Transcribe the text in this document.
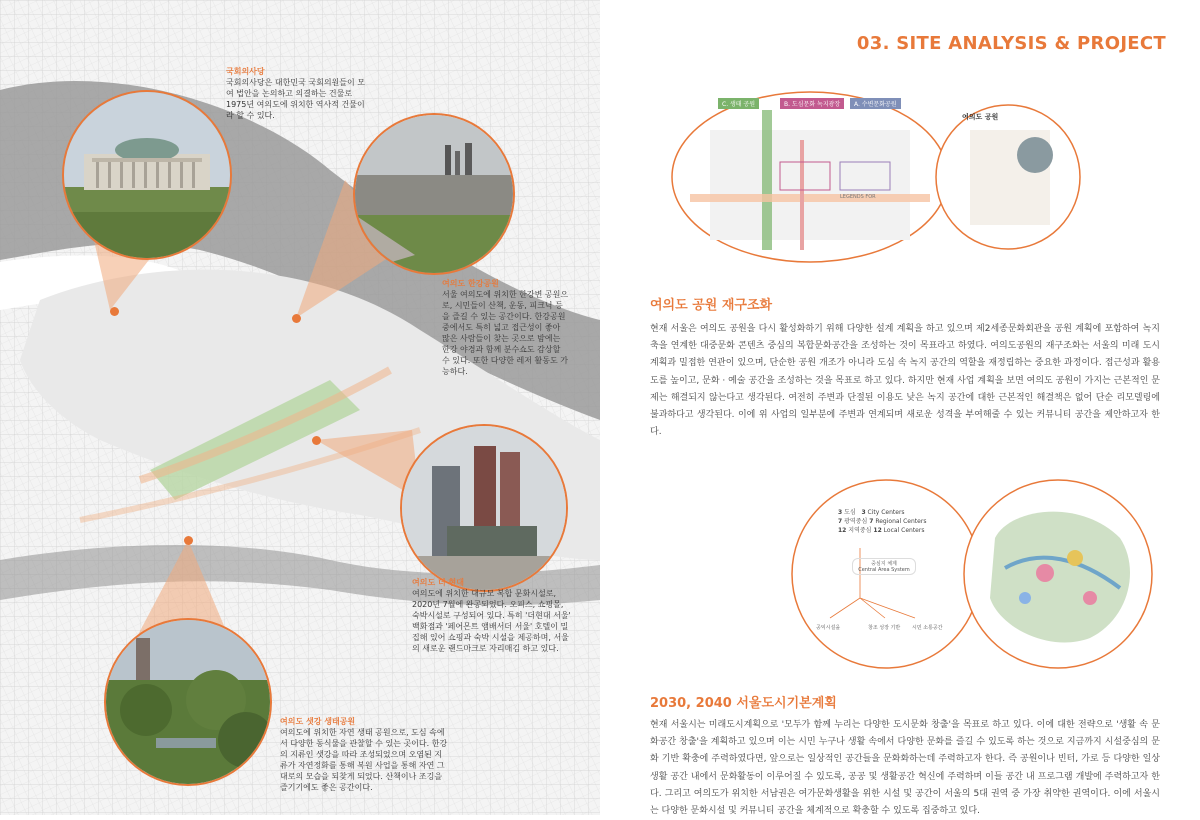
국회의사당
국회의사당은 대한민국 국회의원들이 모여 법안을 논의하고 의결하는 건물로 1975년 여의도에 위치한 역사적 건물이라 할 수 있다.
여의도 한강공원
서울 여의도에 위치한 한강변 공원으로, 시민들이 산책, 운동, 피크닉 등을 즐길 수 있는 공간이다. 한강공원 중에서도 특히 넓고 접근성이 좋아 많은 사람들이 찾는 곳으로 밤에는 한강 야경과 함께 분수쇼도 감상할 수 있다. 또한 다양한 레저 활동도 가능하다.
여의도 더 현대
여의도에 위치한 대규모 복합 문화시설로, 2020년 7월에 완공되었다. 오피스, 쇼핑몰, 숙박시설로 구성되어 있다. 특히 '더현대 서울' 백화점과 '페어몬트 앰배서더 서울' 호텔이 밀집해 있어 쇼핑과 숙박 시설을 제공하며, 서울의 새로운 랜드마크로 자리매김 하고 있다.
여의도 샛강 생태공원
여의도에 위치한 자연 생태 공원으로, 도심 속에서 다양한 동식물을 관찰할 수 있는 곳이다. 한강의 지류인 샛강을 따라 조성되었으며 오염된 지류가 자연정화를 통해 복원 사업을 통해 자연 그대로의 모습을 되찾게 되었다. 산책이나 조깅을 즐기기에도 좋은 공간이다.
03. SITE ANALYSIS & PROJECT
C. 생태 공원	B. 도심문화 녹지광장	A. 수변문화공원
LEGENDS FOR
여의도 공원
여의도 공원 재구조화
현재 서울은 여의도 공원을 다시 활성화하기 위해 다양한 설계 계획을 하고 있으며 제2세종문화회관을 공원 계획에 포함하여 녹지 축을 연계한 대중문화 콘텐츠 중심의 복합문화공간을 조성하는 것이 목표라고 하였다. 여의도공원의 재구조화는 서울의 미래 도시계획과 밀접한 연관이 있으며, 단순한 공원 개조가 아니라 도심 속 녹지 공간의 역할을 재정립하는 중요한 과정이다. 접근성과 활용도를 높이고, 문화 · 예술 공간을 조성하는 것을 목표로 하고 있다. 하지만 현재 사업 계획을 보면 여의도 공원이 가지는 근본적인 문제는 해결되지 않는다고 생각된다. 여전히 주변과 단절된 이용도 낮은 녹지 공간에 대한 근본적인 해결책은 없어 단순 리모델링에 불과하다고 생각된다. 이에 위 사업의 일부분에 주변과 연계되며 새로운 성격을 부여해줄 수 있는 커뮤니티 공간을 제안하고자 한다.
3 도심 3 City Centers
7 광역중심 7 Regional Centers
12 지역중심 12 Local Centers
중심지 체계
Central Area System
공익시설을	창조 성장 기반 시민 소통공간
2030, 2040 서울도시기본계획
현재 서울시는 미래도시계획으로 '모두가 함께 누리는 다양한 도시문화 창출'을 목표로 하고 있다. 이에 대한 전략으로 '생활 속 문화공간 창출'을 계획하고 있으며 이는 시민 누구나 생활 속에서 다양한 문화를 즐길 수 있도록 하는 것으로 지금까지 시설중심의 문화 기반 확충에 주력하였다면, 앞으로는 일상적인 공간들을 문화화하는데 주력하고자 한다. 즉 공원이나 빈터, 가로 등 다양한 일상 생활 공간 내에서 문화활동이 이루어질 수 있도록, 공공 및 생활공간 혁신에 주력하며 이들 공간 내 프로그램 개발에 주력하고자 한다. 그리고 여의도가 위치한 서남권은 여가문화생활을 위한 시설 및 공간이 서울의 5대 권역 중 가장 취약한 권역이다. 이에 서울시는 다양한 문화시설 및 커뮤니티 공간을 체계적으로 확충할 수 있도록 집중하고 있다.
